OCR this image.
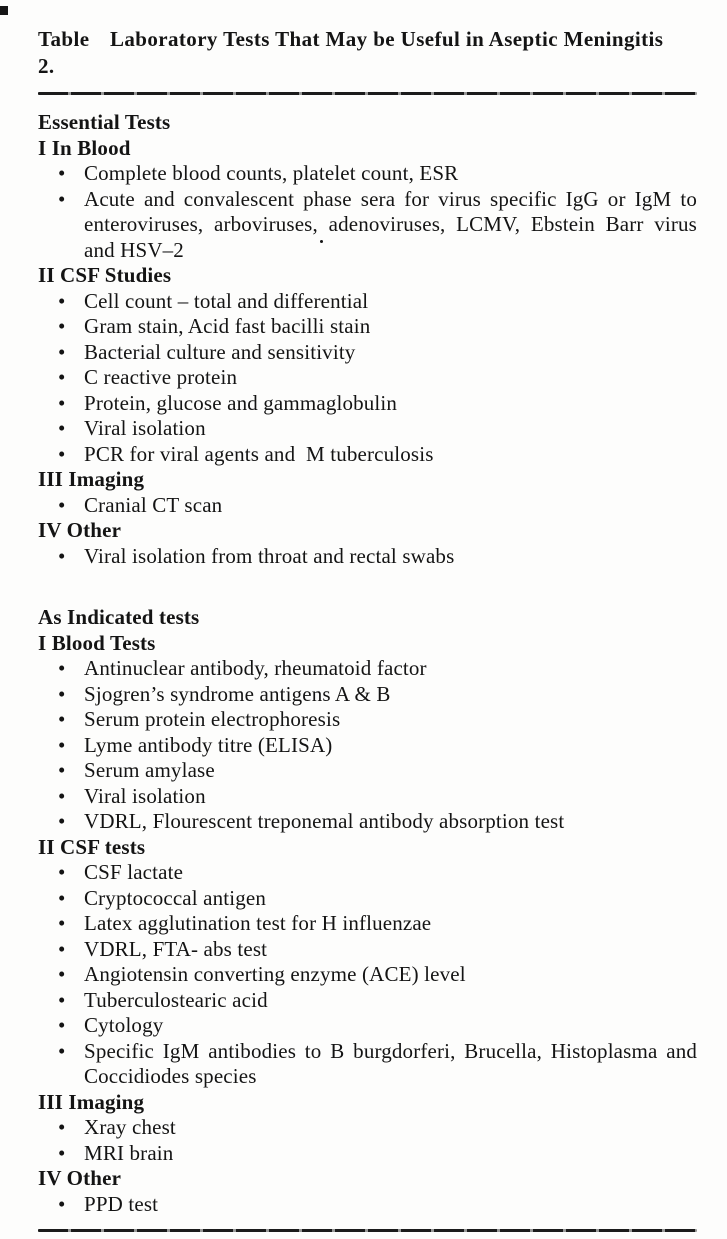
Table 2.
Laboratory Tests That May be Useful in Aseptic Meningitis
Essential Tests
I In Blood
• Complete blood counts, platelet count, ESR
• Acute and convalescent phase sera for virus specific IgG or IgM to enteroviruses, arboviruses, adenoviruses, LCMV, Ebstein Barr virus and HSV–2
II CSF Studies
• Cell count – total and differential
• Gram stain, Acid fast bacilli stain
• Bacterial culture and sensitivity
• C reactive protein
• Protein, glucose and gammaglobulin
• Viral isolation
• PCR for viral agents and  M tuberculosis
III Imaging
• Cranial CT scan
IV Other
• Viral isolation from throat and rectal swabs
As Indicated tests
I Blood Tests
• Antinuclear antibody, rheumatoid factor
• Sjogren’s syndrome antigens A & B
• Serum protein electrophoresis
• Lyme antibody titre (ELISA)
• Serum amylase
• Viral isolation
• VDRL, Flourescent treponemal antibody absorption test
II CSF tests
• CSF lactate
• Cryptococcal antigen
• Latex agglutination test for H influenzae
• VDRL, FTA- abs test
• Angiotensin converting enzyme (ACE) level
• Tuberculostearic acid
• Cytology
• Specific IgM antibodies to B burgdorferi, Brucella, Histoplasma and Coccidiodes species
III Imaging
• Xray chest
• MRI brain
IV Other
• PPD test
